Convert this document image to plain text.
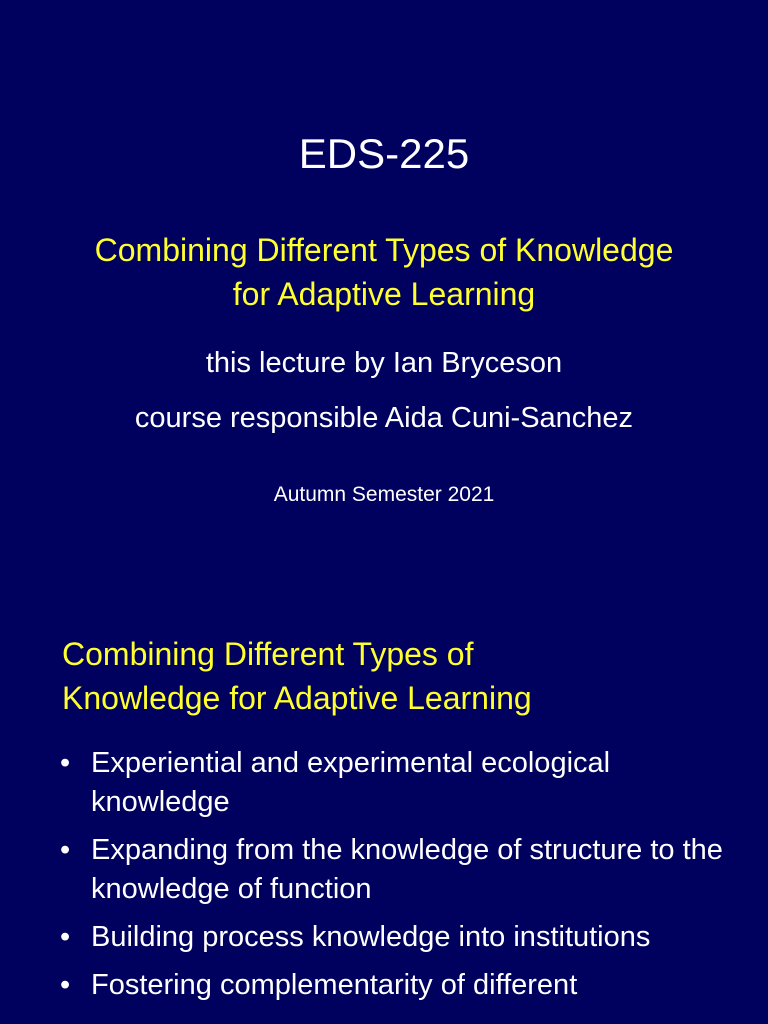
EDS-225
Combining Different Types of Knowledge
for Adaptive Learning
this lecture by Ian Bryceson
course responsible Aida Cuni-Sanchez
Autumn Semester 2021
Combining Different Types of
Knowledge for Adaptive Learning
• Experiential and experimental ecological knowledge
• Expanding from the knowledge of structure to the knowledge of function
• Building process knowledge into institutions
• Fostering complementarity of different
